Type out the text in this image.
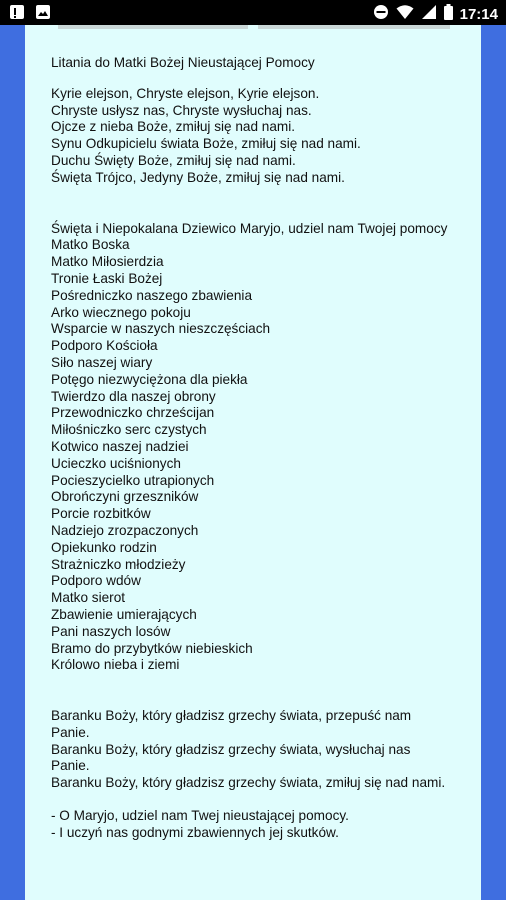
17:14
Litania do Matki Bożej Nieustającej Pomocy
Kyrie elejson, Chryste elejson, Kyrie elejson.
Chryste usłysz nas, Chryste wysłuchaj nas.
Ojcze z nieba Boże, zmiłuj się nad nami.
Synu Odkupicielu świata Boże, zmiłuj się nad nami.
Duchu Święty Boże, zmiłuj się nad nami.
Święta Trójco, Jedyny Boże, zmiłuj się nad nami.
Święta i Niepokalana Dziewico Maryjo, udziel nam Twojej pomocy
Matko Boska
Matko Miłosierdzia
Tronie Łaski Bożej
Pośredniczko naszego zbawienia
Arko wiecznego pokoju
Wsparcie w naszych nieszczęściach
Podporo Kościoła
Siło naszej wiary
Potęgo niezwyciężona dla piekła
Twierdzo dla naszej obrony
Przewodniczko chrześcijan
Miłośniczko serc czystych
Kotwico naszej nadziei
Ucieczko uciśnionych
Pocieszycielko utrapionych
Obrończyni grzeszników
Porcie rozbitków
Nadziejo zrozpaczonych
Opiekunko rodzin
Strażniczko młodzieży
Podporo wdów
Matko sierot
Zbawienie umierających
Pani naszych losów
Bramo do przybytków niebieskich
Królowo nieba i ziemi
Baranku Boży, który gładzisz grzechy świata, przepuść nam Panie.
Baranku Boży, który gładzisz grzechy świata, wysłuchaj nas Panie.
Baranku Boży, który gładzisz grzechy świata, zmiłuj się nad nami.
- O Maryjo, udziel nam Twej nieustającej pomocy.
- I uczyń nas godnymi zbawiennych jej skutków.
